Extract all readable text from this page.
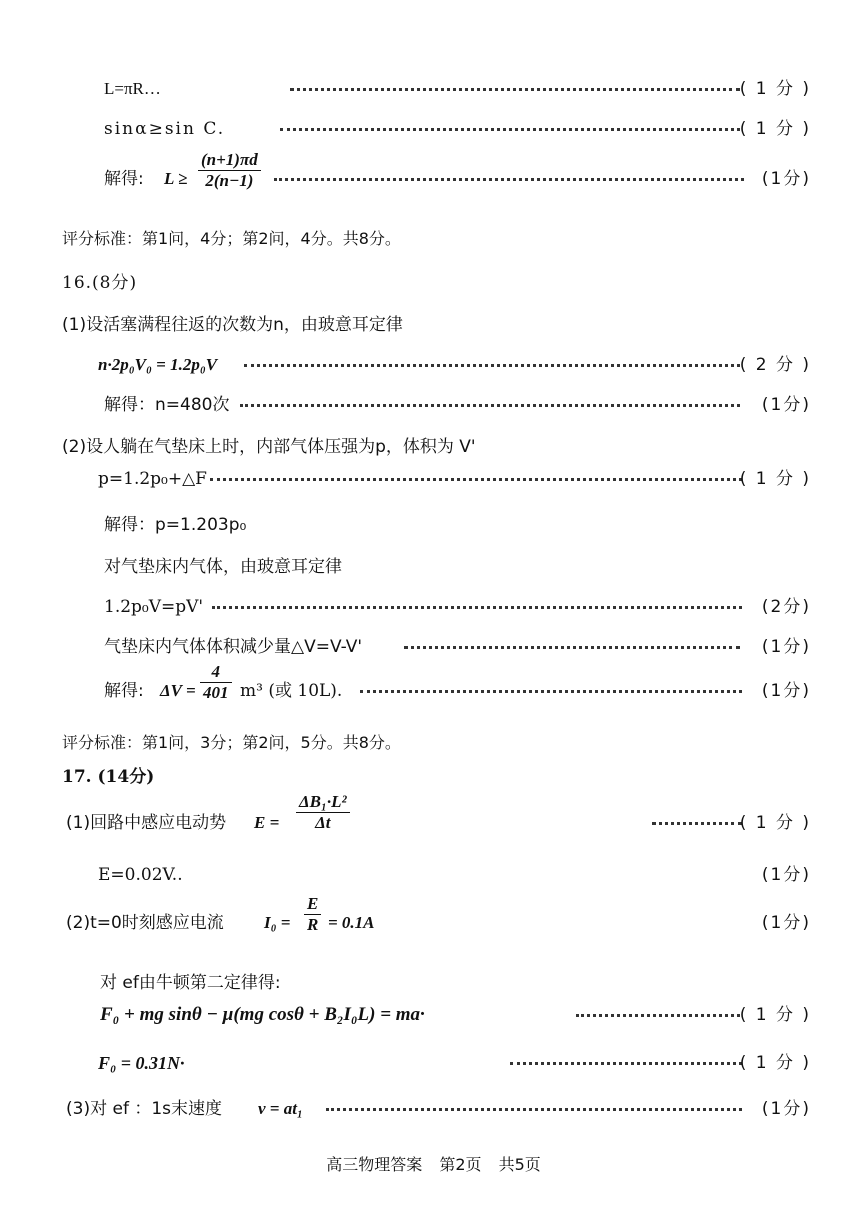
L=πR…	( 1 分 )
sinα≥sin C.	( 1 分 )
解得: $L \ge \frac{(n+1)\pi d}{2(n-1)}$	(1分)
评分标准：第1问，4分；第2问，4分。共8分。
16.(8分)
(1)设活塞满程往返的次数为n，由玻意耳定律
n·2p₀V₀ = 1.2p₀V	( 2 分 )
解得：n=480次	(1分)
(2)设人躺在气垫床上时，内部气体压强为p，体积为 V'
p=1.2p₀+△F	( 1 分 )
解得：p=1.203p₀
对气垫床内气体，由玻意耳定律
1.2p₀V=pV'	(2分)
气垫床内气体体积减少量△V=V-V'	(1分)
解得: $\Delta V = \frac{4}{401} m^3$ (或 10L).	(1分)
评分标准：第1问，3分；第2问，5分。共8分。
17. (14分)
(1)回路中感应电动势 $E = \frac{\text{ΔB₁·L²}}{\Delta t}$	( 1 分 )
E=0.02V..	(1分)
(2)t=0时刻感应电流 $I_0 = \frac{E}{R} = 0.1A$	(1分)
对 ef由牛顿第二定律得:
F₀ + mg sinθ − μ(mg cosθ + B₂I₀L) = ma·	( 1 分 )
F₀ = 0.31N·	( 1 分 )
(3)对 ef ：1s末速度 v = at₁	(1分)
高三物理答案 第2页 共5页
